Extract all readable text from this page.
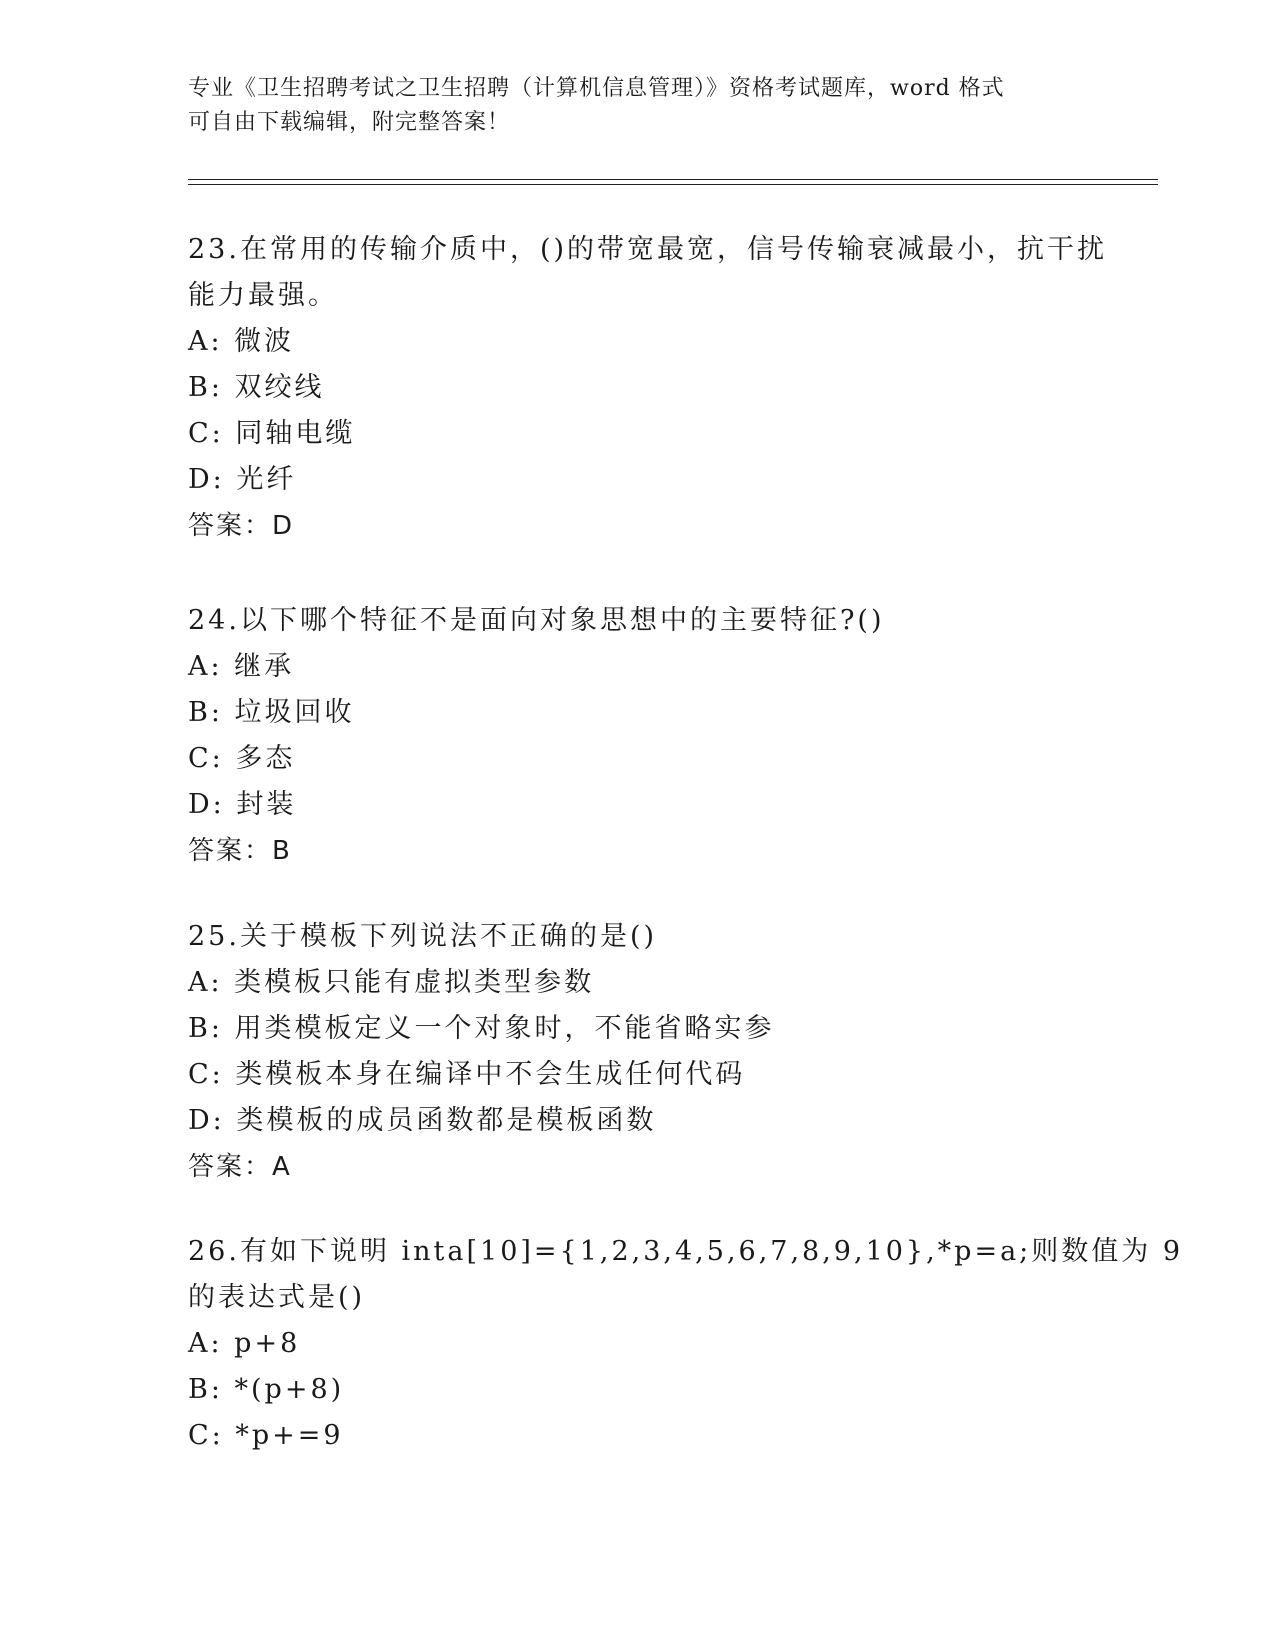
专业《卫生招聘考试之卫生招聘（计算机信息管理）》资格考试题库，word 格式
可自由下载编辑，附完整答案！
23.在常用的传输介质中，()的带宽最宽，信号传输衰减最小，抗干扰
能力最强。
A: 微波
B: 双绞线
C: 同轴电缆
D: 光纤
答案：D
24.以下哪个特征不是面向对象思想中的主要特征?()
A: 继承
B: 垃圾回收
C: 多态
D: 封装
答案：B
25.关于模板下列说法不正确的是()
A: 类模板只能有虚拟类型参数
B: 用类模板定义一个对象时，不能省略实参
C: 类模板本身在编译中不会生成任何代码
D: 类模板的成员函数都是模板函数
答案：A
26.有如下说明 inta[10]={1,2,3,4,5,6,7,8,9,10},*p=a;则数值为 9
的表达式是()
A: p+8
B: *(p+8)
C: *p+=9
